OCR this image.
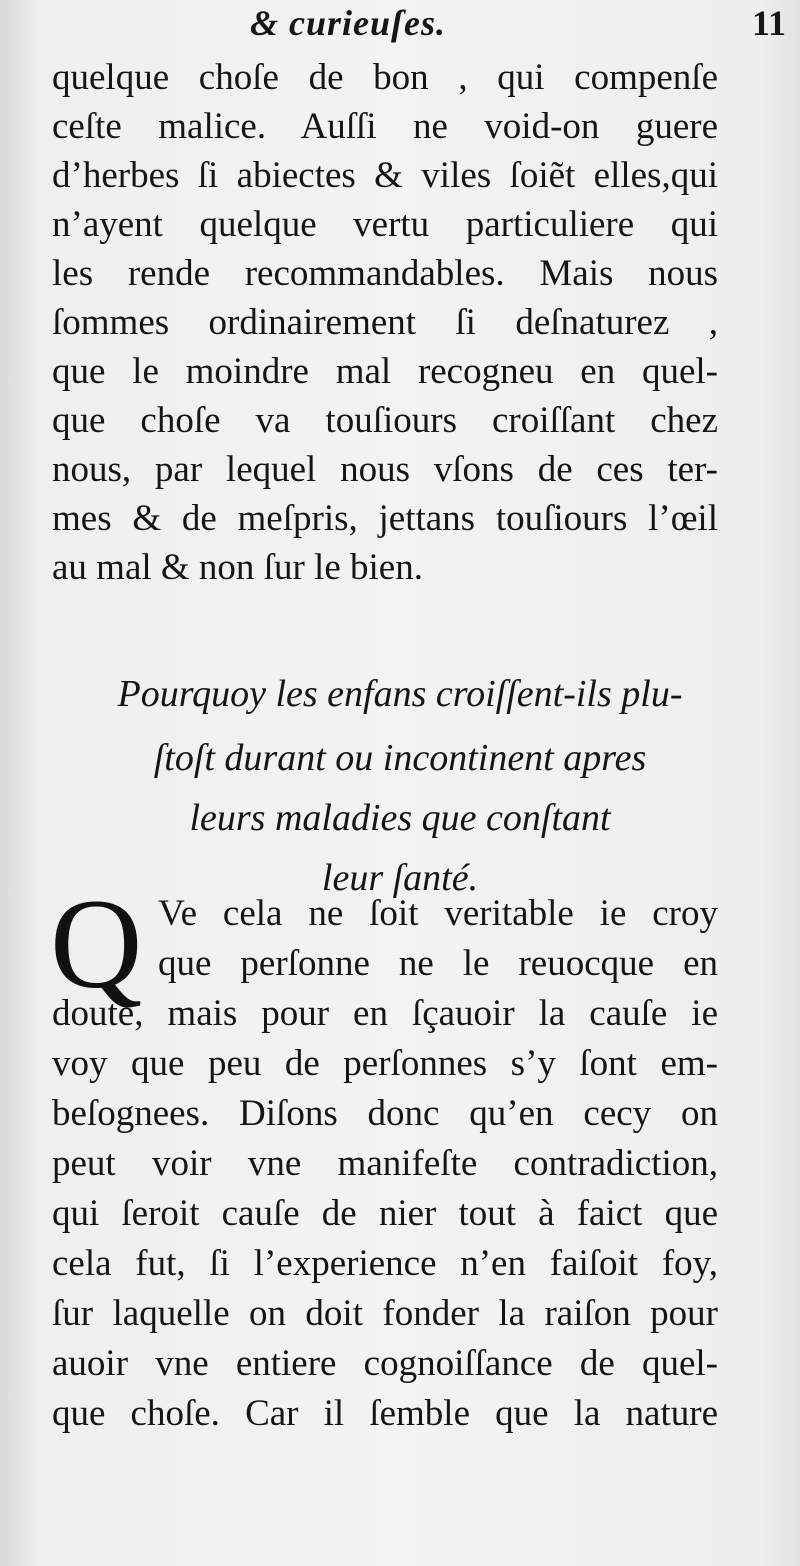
& curieuſes.	11

quelque choſe de bon , qui compenſe

ceſte malice. Auſſi ne void-on guere

d’herbes ſi abiectes & viles ſoiẽt elles,qui

n’ayent quelque vertu particuliere qui

les rende recommandables. Mais nous

ſommes ordinairement ſi deſnaturez ,

que le moindre mal recogneu en quel-

que choſe va touſiours croiſſant chez

nous, par lequel nous vſons de ces ter-

mes & de meſpris, jettans touſiours l’œil

au mal & non ſur le bien.

Pourquoy les enfans croiſſent-ils plu-

ſtoſt durant ou incontinent apres

leurs maladies que conſtant

leur ſanté.

Q Ve cela ne ſoit veritable ie croy

que perſonne ne le reuocque en

doute, mais pour en ſçauoir la cauſe ie

voy que peu de perſonnes s’y ſont em-

beſognees. Diſons donc qu’en cecy on

peut voir vne manifeſte contradiction,

qui ſeroit cauſe de nier tout à faict que

cela fut, ſi l’experience n’en faiſoit foy,

ſur laquelle on doit fonder la raiſon pour

auoir vne entiere cognoiſſance de quel-

que choſe. Car il ſemble que la nature
